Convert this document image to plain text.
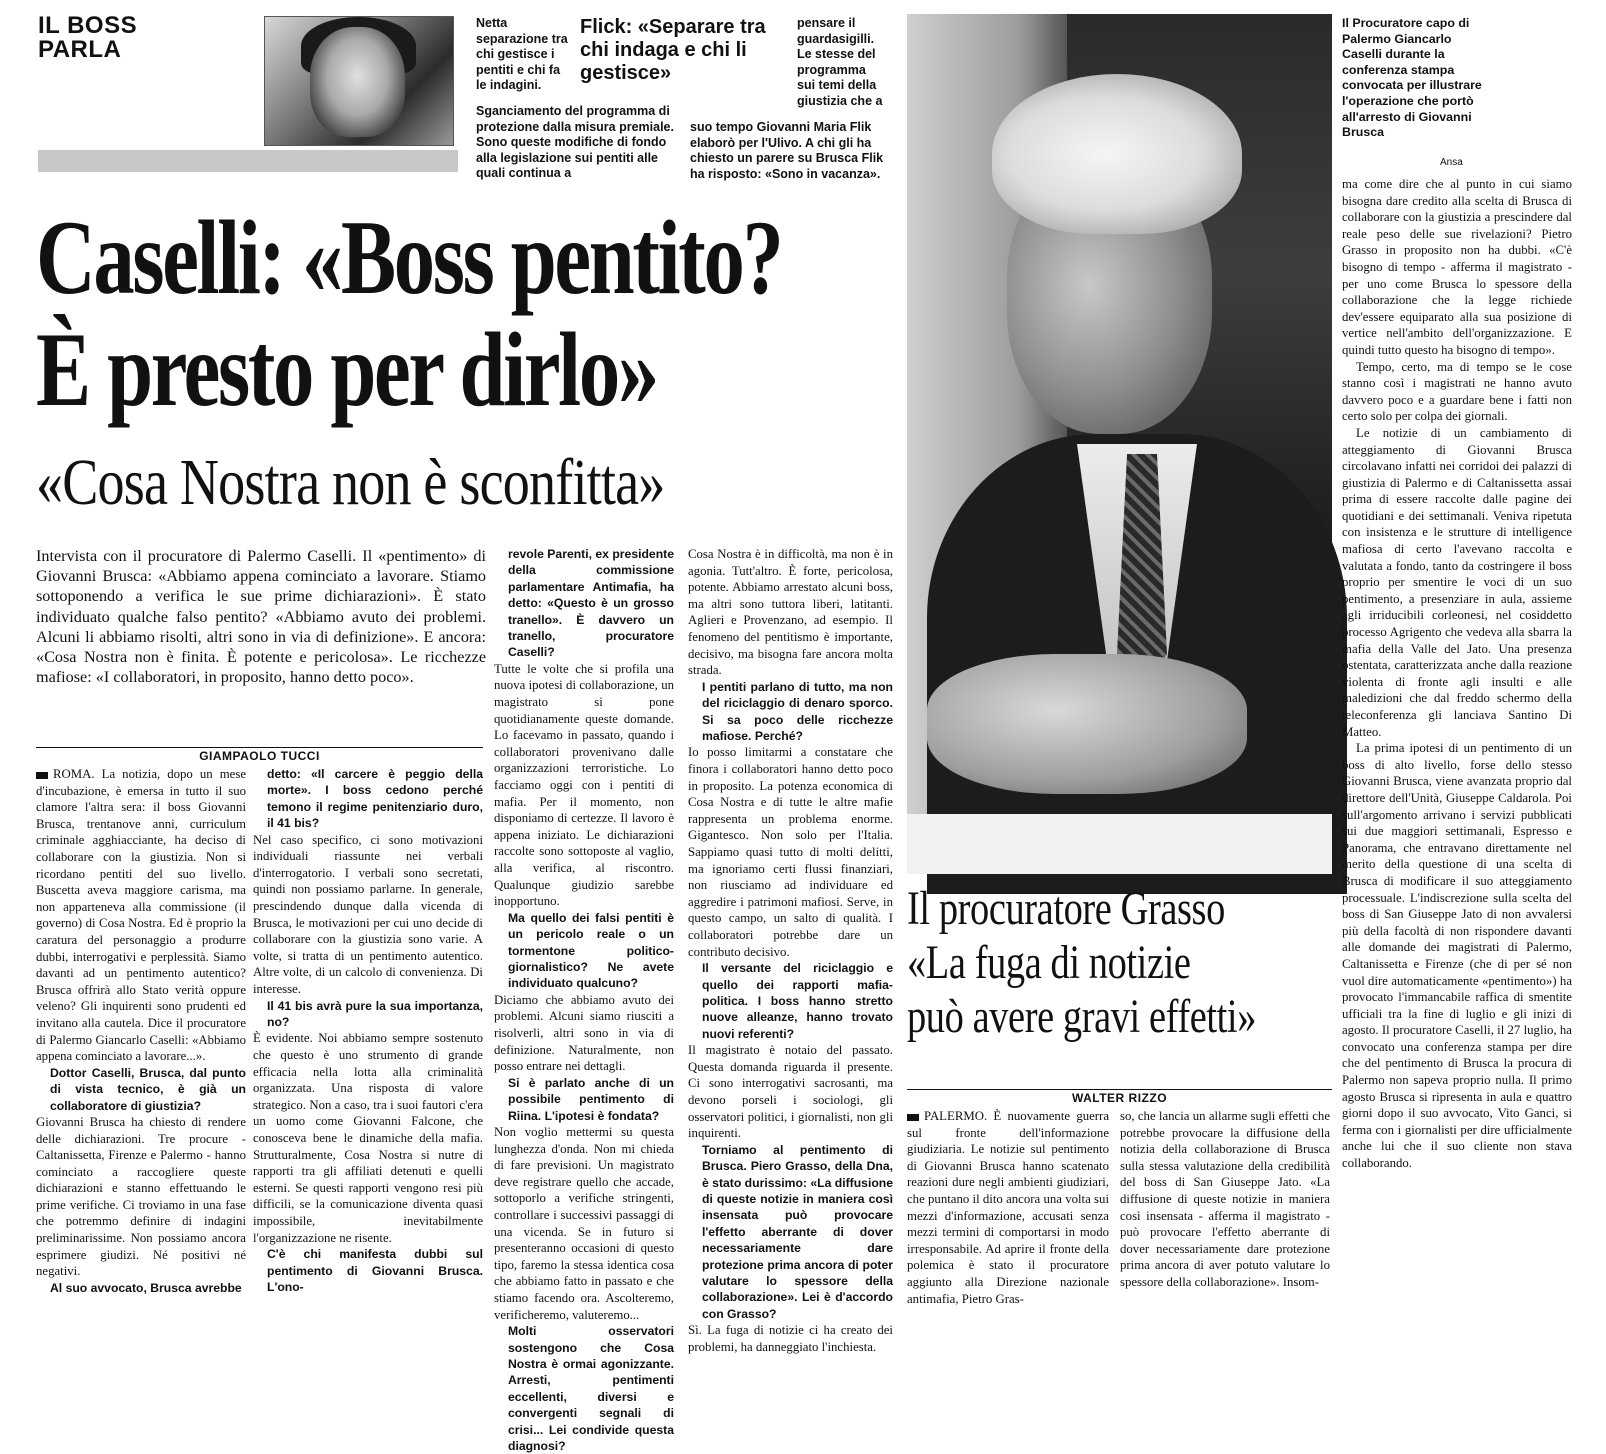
IL BOSS
PARLA
Netta separazione tra chi gestisce i pentiti e chi fa le indagini.
Sganciamento del programma di protezione dalla misura premiale. Sono queste modifiche di fondo alla legislazione sui pentiti alle quali continua a
Flick: «Separare tra chi indaga e chi li gestisce»
pensare il guardasigilli. Le stesse del programma sui temi della giustizia che a
suo tempo Giovanni Maria Flik elaborò per l'Ulivo. A chi gli ha chiesto un parere su Brusca Flik ha risposto: «Sono in vacanza».
Caselli: «Boss pentito?
È presto per dirlo»
«Cosa Nostra non è sconfitta»
Intervista con il procuratore di Palermo Caselli. Il «pentimento» di Giovanni Brusca: «Abbiamo appena cominciato a lavorare. Stiamo sottoponendo a verifica le sue prime dichiarazioni». È stato individuato qualche falso pentito? «Abbiamo avuto dei problemi. Alcuni li abbiamo risolti, altri sono in via di definizione». E ancora: «Cosa Nostra non è finita. È potente e pericolosa». Le ricchezze mafiose: «I collaboratori, in proposito, hanno detto poco».
GIAMPAOLO TUCCI

ROMA. La notizia, dopo un mese d'incubazione, è emersa in tutto il suo clamore l'altra sera: il boss Giovanni Brusca, trentanove anni, curriculum criminale agghiacciante, ha deciso di collaborare con la giustizia. Non si ricordano pentiti del suo livello. Buscetta aveva maggiore carisma, ma non apparteneva alla commissione (il governo) di Cosa Nostra. Ed è proprio la caratura del personaggio a produrre dubbi, interrogativi e perplessità. Siamo davanti ad un pentimento autentico? Brusca offrirà allo Stato verità oppure veleno? Gli inquirenti sono prudenti ed invitano alla cautela. Dice il procuratore di Palermo Giancarlo Caselli: «Abbiamo appena cominciato a lavorare...».

Dottor Caselli, Brusca, dal punto di vista tecnico, è già un collaboratore di giustizia?

Giovanni Brusca ha chiesto di rendere delle dichiarazioni. Tre procure - Caltanissetta, Firenze e Palermo - hanno cominciato a raccogliere queste dichiarazioni e stanno effettuando le prime verifiche. Ci troviamo in una fase che potremmo definire di indagini preliminarissime. Non possiamo ancora esprimere giudizi. Né positivi né negativi.

Al suo avvocato, Brusca avrebbe

detto: «Il carcere è peggio della morte». I boss cedono perché temono il regime penitenziario duro, il 41 bis?

Nel caso specifico, ci sono motivazioni individuali riassunte nei verbali d'interrogatorio. I verbali sono secretati, quindi non possiamo parlarne. In generale, prescindendo dunque dalla vicenda di Brusca, le motivazioni per cui uno decide di collaborare con la giustizia sono varie. A volte, si tratta di un pentimento autentico. Altre volte, di un calcolo di convenienza. Di interesse.

Il 41 bis avrà pure la sua importanza, no?

È evidente. Noi abbiamo sempre sostenuto che questo è uno strumento di grande efficacia nella lotta alla criminalità organizzata. Una risposta di valore strategico. Non a caso, tra i suoi fautori c'era un uomo come Giovanni Falcone, che conosceva bene le dinamiche della mafia. Strutturalmente, Cosa Nostra si nutre di rapporti tra gli affiliati detenuti e quelli esterni. Se questi rapporti vengono resi più difficili, se la comunicazione diventa quasi impossibile, inevitabilmente l'organizzazione ne risente.

C'è chi manifesta dubbi sul pentimento di Giovanni Brusca. L'ono-

revole Parenti, ex presidente della commissione parlamentare Antimafia, ha detto: «Questo è un grosso tranello». È davvero un tranello, procuratore Caselli?

Tutte le volte che si profila una nuova ipotesi di collaborazione, un magistrato si pone quotidianamente queste domande. Lo facevamo in passato, quando i collaboratori provenivano dalle organizzazioni terroristiche. Lo facciamo oggi con i pentiti di mafia. Per il momento, non disponiamo di certezze. Il lavoro è appena iniziato. Le dichiarazioni raccolte sono sottoposte al vaglio, alla verifica, al riscontro. Qualunque giudizio sarebbe inopportuno.

Ma quello dei falsi pentiti è un pericolo reale o un tormentone politico-giornalistico? Ne avete individuato qualcuno?

Diciamo che abbiamo avuto dei problemi. Alcuni siamo riusciti a risolverli, altri sono in via di definizione. Naturalmente, non posso entrare nei dettagli.

Si è parlato anche di un possibile pentimento di Riina. L'ipotesi è fondata?

Non voglio mettermi su questa lunghezza d'onda. Non mi chieda di fare previsioni. Un magistrato deve registrare quello che accade, sottoporlo a verifiche stringenti, controllare i successivi passaggi di una vicenda. Se in futuro si presenteranno occasioni di questo tipo, faremo la stessa identica cosa che abbiamo fatto in passato e che stiamo facendo ora. Ascolteremo, verificheremo, valuteremo...

Molti osservatori sostengono che Cosa Nostra è ormai agonizzante. Arresti, pentimenti eccellenti, diversi e convergenti segnali di crisi... Lei condivide questa diagnosi?

Cosa Nostra è in difficoltà, ma non è in agonia. Tutt'altro. È forte, pericolosa, potente. Abbiamo arrestato alcuni boss, ma altri sono tuttora liberi, latitanti. Aglieri e Provenzano, ad esempio. Il fenomeno del pentitismo è importante, decisivo, ma bisogna fare ancora molta strada.

I pentiti parlano di tutto, ma non del riciclaggio di denaro sporco. Si sa poco delle ricchezze mafiose. Perché?

Io posso limitarmi a constatare che finora i collaboratori hanno detto poco in proposito. La potenza economica di Cosa Nostra e di tutte le altre mafie rappresenta un problema enorme. Gigantesco. Non solo per l'Italia. Sappiamo quasi tutto di molti delitti, ma ignoriamo certi flussi finanziari, non riusciamo ad individuare ed aggredire i patrimoni mafiosi. Serve, in questo campo, un salto di qualità. I collaboratori potrebbe dare un contributo decisivo.

Il versante del riciclaggio e quello dei rapporti mafia-politica. I boss hanno stretto nuove alleanze, hanno trovato nuovi referenti?

Il magistrato è notaio del passato. Questa domanda riguarda il presente. Ci sono interrogativi sacrosanti, ma devono porseli i sociologi, gli osservatori politici, i giornalisti, non gli inquirenti.

Torniamo al pentimento di Brusca. Piero Grasso, della Dna, è stato durissimo: «La diffusione di queste notizie in maniera così insensata può provocare l'effetto aberrante di dover necessariamente dare protezione prima ancora di poter valutare lo spessore della collaborazione». Lei è d'accordo con Grasso?

Sì. La fuga di notizie ci ha creato dei problemi, ha danneggiato l'inchiesta.

Il Procuratore capo di Palermo Giancarlo Caselli durante la conferenza stampa convocata per illustrare l'operazione che portò all'arresto di Giovanni Brusca
Ansa

ma come dire che al punto in cui siamo bisogna dare credito alla scelta di Brusca di collaborare con la giustizia a prescindere dal reale peso delle sue rivelazioni? Pietro Grasso in proposito non ha dubbi. «C'è bisogno di tempo - afferma il magistrato - per uno come Brusca lo spessore della collaborazione che la legge richiede dev'essere equiparato alla sua posizione di vertice nell'ambito dell'organizzazione. E quindi tutto questo ha bisogno di tempo».

Tempo, certo, ma di tempo se le cose stanno così i magistrati ne hanno avuto davvero poco e a guardare bene i fatti non certo solo per colpa dei giornali.

Le notizie di un cambiamento di atteggiamento di Giovanni Brusca circolavano infatti nei corridoi dei palazzi di giustizia di Palermo e di Caltanissetta assai prima di essere raccolte dalle pagine dei quotidiani e dei settimanali. Veniva ripetuta con insistenza e le strutture di intelligence mafiosa di certo l'avevano raccolta e valutata a fondo, tanto da costringere il boss proprio per smentire le voci di un suo pentimento, a presenziare in aula, assieme agli irriducibili corleonesi, nel cosiddetto processo Agrigento che vedeva alla sbarra la mafia della Valle del Jato. Una presenza ostentata, caratterizzata anche dalla reazione violenta di fronte agli insulti e alle maledizioni che dal freddo schermo della teleconferenza gli lanciava Santino Di Matteo.

La prima ipotesi di un pentimento di un boss di alto livello, forse dello stesso Giovanni Brusca, viene avanzata proprio dal direttore dell'Unità, Giuseppe Caldarola. Poi sull'argomento arrivano i servizi pubblicati sui due maggiori settimanali, Espresso e Panorama, che entravano direttamente nel merito della questione di una scelta di Brusca di modificare il suo atteggiamento processuale. L'indiscrezione sulla scelta del boss di San Giuseppe Jato di non avvalersi più della facoltà di non rispondere davanti alle domande dei magistrati di Palermo, Caltanissetta e Firenze (che di per sé non vuol dire automaticamente «pentimento») ha provocato l'immancabile raffica di smentite ufficiali tra la fine di luglio e gli inizi di agosto. Il procuratore Caselli, il 27 luglio, ha convocato una conferenza stampa per dire che del pentimento di Brusca la procura di Palermo non sapeva proprio nulla. Il primo agosto Brusca si ripresenta in aula e quattro giorni dopo il suo avvocato, Vito Ganci, si ferma con i giornalisti per dire ufficialmente anche lui che il suo cliente non stava collaborando.

Il procuratore Grasso
«La fuga di notizie
può avere gravi effetti»
WALTER RIZZO

PALERMO. È nuovamente guerra sul fronte dell'informazione giudiziaria. Le notizie sul pentimento di Giovanni Brusca hanno scatenato reazioni dure negli ambienti giudiziari, che puntano il dito ancora una volta sui mezzi d'informazione, accusati senza mezzi termini di comportarsi in modo irresponsabile. Ad aprire il fronte della polemica è stato il procuratore aggiunto alla Direzione nazionale antimafia, Pietro Gras-

so, che lancia un allarme sugli effetti che potrebbe provocare la diffusione della notizia della collaborazione di Brusca sulla stessa valutazione della credibilità del boss di San Giuseppe Jato. «La diffusione di queste notizie in maniera così insensata - afferma il magistrato - può provocare l'effetto aberrante di dover necessariamente dare protezione prima ancora di aver potuto valutare lo spessore della collaborazione». Insom-
